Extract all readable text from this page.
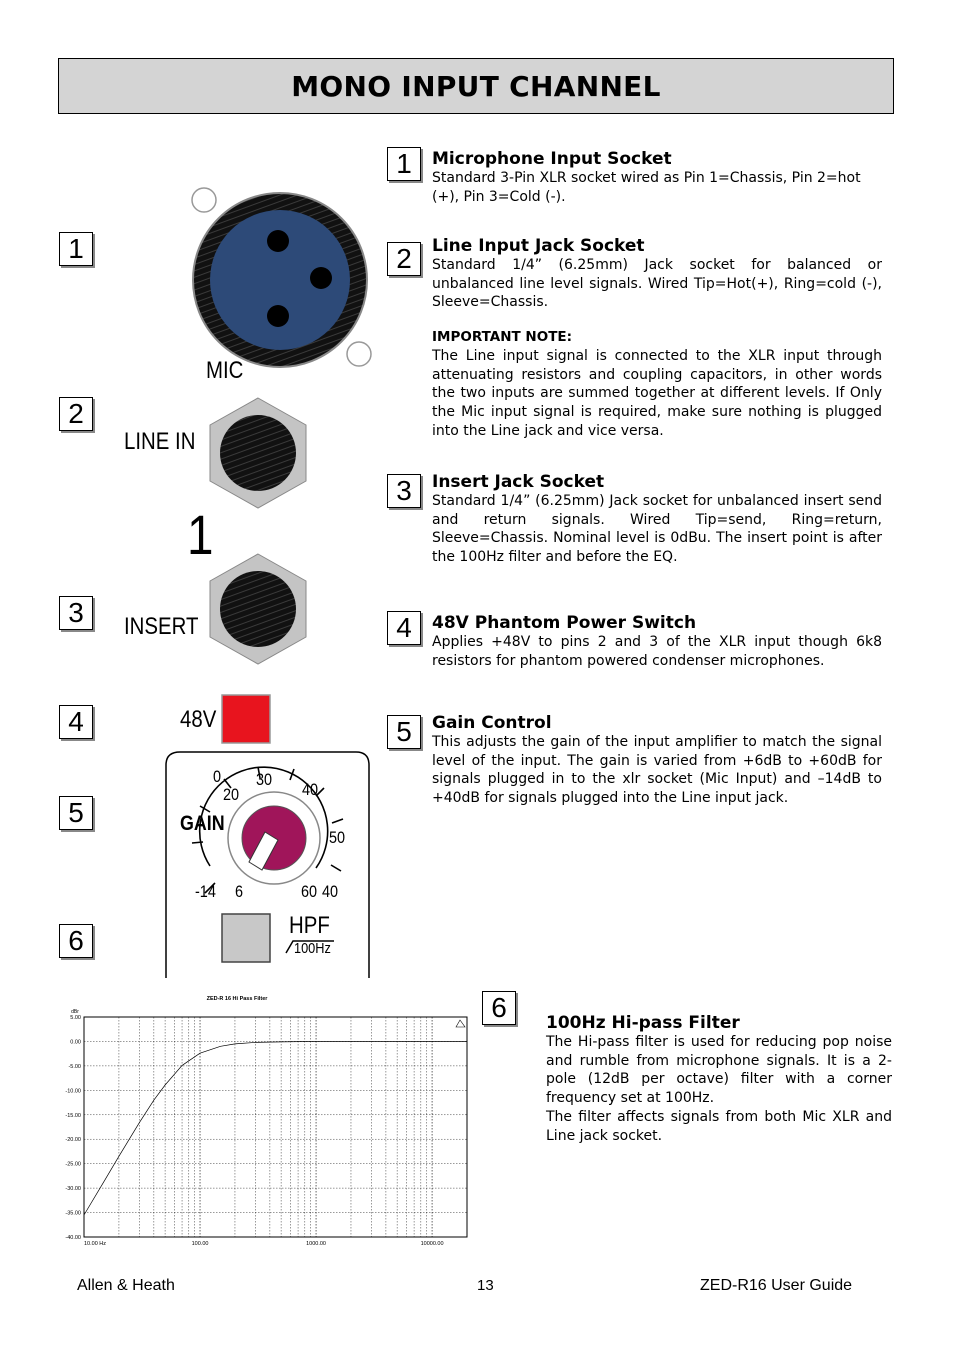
MONO INPUT CHANNEL
1
2
3
4
5
6
MIC
LINE IN
1
INSERT
48V
GAIN
0
20
30
40
50
-14 6	60 40
HPF
100Hz
1
2
3
4
5
6
Microphone Input Socket

Standard 3-Pin XLR socket wired as Pin 1=Chassis, Pin 2=hot (+), Pin 3=Cold (-).

Line Input Jack Socket

Standard 1/4” (6.25mm) Jack socket for balanced or unbalanced line level signals. Wired Tip=Hot(+), Ring=cold (-), Sleeve=Chassis.

IMPORTANT NOTE:

The Line input signal is connected to the XLR input through attenuating resistors and coupling capacitors, in other words the two inputs are summed together at different levels. If Only the Mic input signal is required, make sure nothing is plugged into the Line jack and vice versa.

Insert Jack Socket

Standard 1/4” (6.25mm) Jack socket for unbalanced insert send and return signals. Wired Tip=send, Ring=return, Sleeve=Chassis. Nominal level is 0dBu. The insert point is after the 100Hz filter and before the EQ.

48V Phantom Power Switch

Applies +48V to pins 2 and 3 of the XLR input though 6k8 resistors for phantom powered condenser microphones.

Gain Control

This adjusts the gain of the input amplifier to match the signal level of the input. The gain is varied from +6dB to +60dB for signals plugged in to the xlr socket (Mic Input) and –14dB to +40dB for signals plugged into the Line input jack.

100Hz Hi-pass Filter

The Hi-pass filter is used for reducing pop noise and rumble from microphone signals. It is a 2-pole (12dB per octave) filter with a corner frequency set at 100Hz.

The filter affects signals from both Mic XLR and Line jack socket.

ZED-R 16 Hi Pass Filter
dBr
5.00
0.00
-5.00
-10.00
-15.00
-20.00
-25.00
-30.00
-35.00
-40.00
10.00 Hz	100.00	1000.00	10000.00
Allen & Heath	13	ZED-R16 User Guide
